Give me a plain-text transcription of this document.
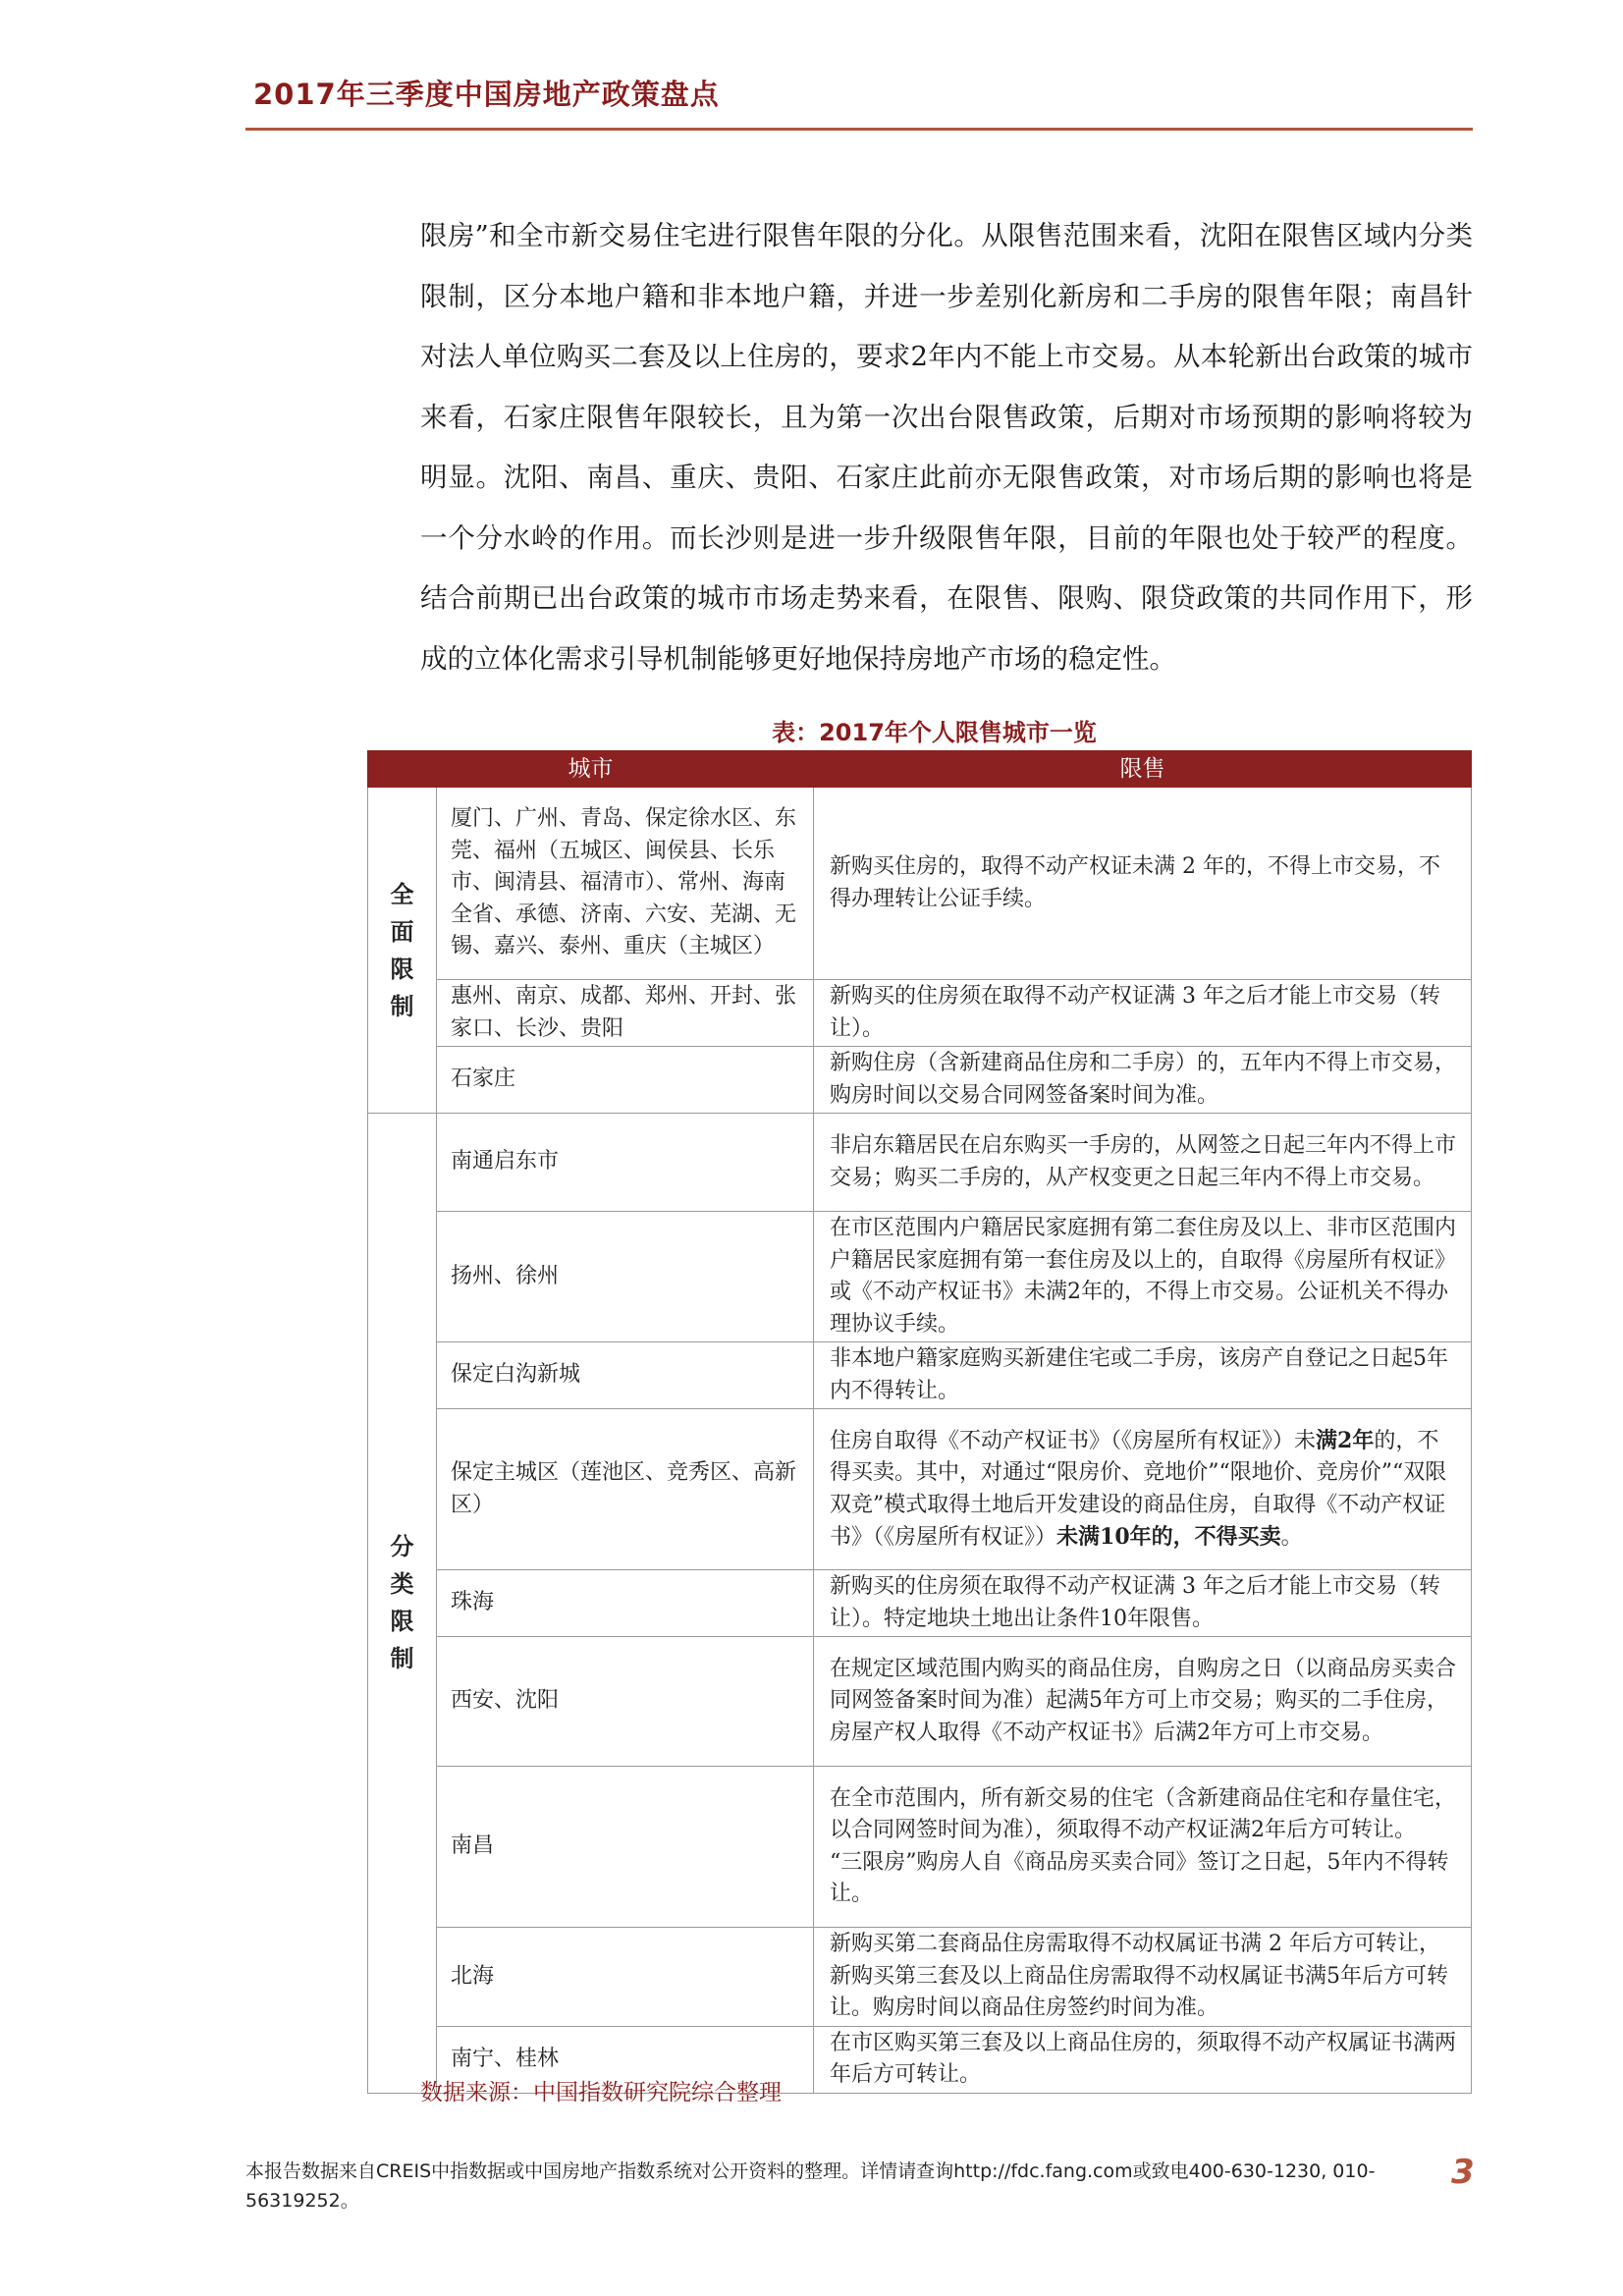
2017年三季度中国房地产政策盘点

限房”和全市新交易住宅进行限售年限的分化。从限售范围来看，沈阳在限售区域内分类限制，区分本地户籍和非本地户籍，并进一步差别化新房和二手房的限售年限；南昌针对法人单位购买二套及以上住房的，要求2年内不能上市交易。从本轮新出台政策的城市来看，石家庄限售年限较长，且为第一次出台限售政策，后期对市场预期的影响将较为明显。沈阳、南昌、重庆、贵阳、石家庄此前亦无限售政策，对市场后期的影响也将是一个分水岭的作用。而长沙则是进一步升级限售年限，目前的年限也处于较严的程度。结合前期已出台政策的城市市场走势来看，在限售、限购、限贷政策的共同作用下，形成的立体化需求引导机制能够更好地保持房地产市场的稳定性。

表：2017年个人限售城市一览

城市		限售
全面限制	厦门、广州、青岛、保定徐水区、东莞、福州（五城区、闽侯县、长乐市、闽清县、福清市）、常州、海南全省、承德、济南、六安、芜湖、无锡、嘉兴、泰州、重庆（主城区）	新购买住房的，取得不动产权证未满 2 年的，不得上市交易，不得办理转让公证手续。
	惠州、南京、成都、郑州、开封、张家口、长沙、贵阳	新购买的住房须在取得不动产权证满 3 年之后才能上市交易（转让）。
	石家庄	新购住房（含新建商品住房和二手房）的，五年内不得上市交易，购房时间以交易合同网签备案时间为准。
分类限制	南通启东市	非启东籍居民在启东购买一手房的，从网签之日起三年内不得上市交易；购买二手房的，从产权变更之日起三年内不得上市交易。
	扬州、徐州	在市区范围内户籍居民家庭拥有第二套住房及以上、非市区范围内户籍居民家庭拥有第一套住房及以上的，自取得《房屋所有权证》或《不动产权证书》未满2年的，不得上市交易。公证机关不得办理协议手续。
	保定白沟新城	非本地户籍家庭购买新建住宅或二手房，该房产自登记之日起5年内不得转让。
	保定主城区（莲池区、竞秀区、高新区）	住房自取得《不动产权证书》（《房屋所有权证》）未满2年的，不得买卖。其中，对通过“限房价、竞地价”“限地价、竞房价”“双限双竞”模式取得土地后开发建设的商品住房，自取得《不动产权证书》（《房屋所有权证》）未满10年的，不得买卖。
	珠海	新购买的住房须在取得不动产权证满 3 年之后才能上市交易（转让）。特定地块土地出让条件10年限售。
	西安、沈阳	在规定区域范围内购买的商品住房，自购房之日（以商品房买卖合同网签备案时间为准）起满5年方可上市交易；购买的二手住房，房屋产权人取得《不动产权证书》后满2年方可上市交易。
	南昌	在全市范围内，所有新交易的住宅（含新建商品住宅和存量住宅，以合同网签时间为准），须取得不动产权证满2年后方可转让。
“三限房”购房人自《商品房买卖合同》签订之日起，5年内不得转让。

	北海	新购买第二套商品住房需取得不动权属证书满 2 年后方可转让，新购买第三套及以上商品住房需取得不动权属证书满5年后方可转让。购房时间以商品住房签约时间为准。
	南宁、桂林	在市区购买第三套及以上商品住房的，须取得不动产权属证书满两年后方可转让。

数据来源：中国指数研究院综合整理

本报告数据来自CREIS中指数据或中国房地产指数系统对公开资料的整理。详情请查询http://fdc.fang.com或致电400-630-1230, 010-56319252。

3
